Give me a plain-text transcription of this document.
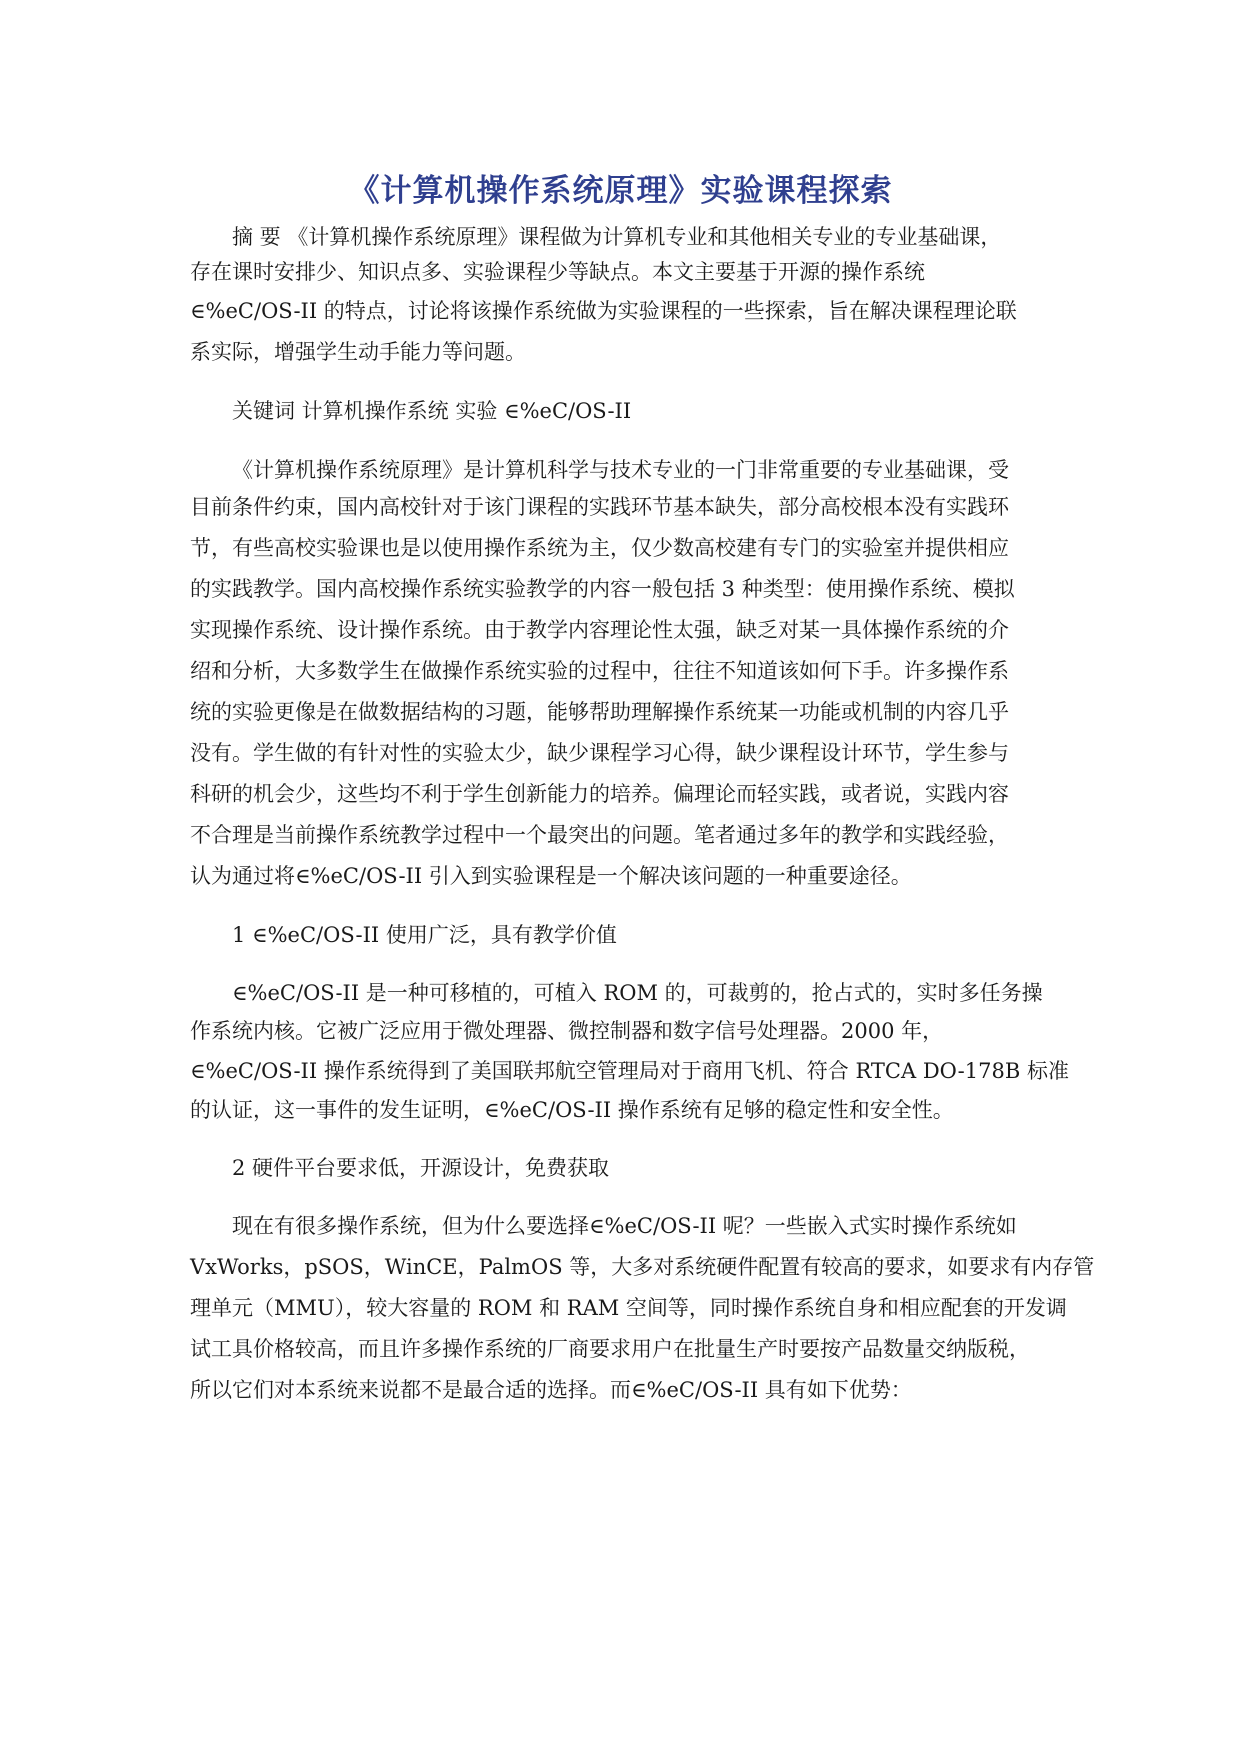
《计算机操作系统原理》实验课程探索
摘 要 《计算机操作系统原理》课程做为计算机专业和其他相关专业的专业基础课，
存在课时安排少、知识点多、实验课程少等缺点。本文主要基于开源的操作系统
∈%eC/OS-II 的特点，讨论将该操作系统做为实验课程的一些探索，旨在解决课程理论联
系实际，增强学生动手能力等问题。
关键词 计算机操作系统 实验 ∈%eC/OS-II
《计算机操作系统原理》是计算机科学与技术专业的一门非常重要的专业基础课，受
目前条件约束，国内高校针对于该门课程的实践环节基本缺失，部分高校根本没有实践环
节，有些高校实验课也是以使用操作系统为主，仅少数高校建有专门的实验室并提供相应
的实践教学。国内高校操作系统实验教学的内容一般包括 3 种类型：使用操作系统、模拟
实现操作系统、设计操作系统。由于教学内容理论性太强，缺乏对某一具体操作系统的介
绍和分析，大多数学生在做操作系统实验的过程中，往往不知道该如何下手。许多操作系
统的实验更像是在做数据结构的习题，能够帮助理解操作系统某一功能或机制的内容几乎
没有。学生做的有针对性的实验太少，缺少课程学习心得，缺少课程设计环节，学生参与
科研的机会少，这些均不利于学生创新能力的培养。偏理论而轻实践，或者说，实践内容
不合理是当前操作系统教学过程中一个最突出的问题。笔者通过多年的教学和实践经验，
认为通过将∈%eC/OS-II 引入到实验课程是一个解决该问题的一种重要途径。
1 ∈%eC/OS-II 使用广泛，具有教学价值
∈%eC/OS-II 是一种可移植的，可植入 ROM 的，可裁剪的，抢占式的，实时多任务操
作系统内核。它被广泛应用于微处理器、微控制器和数字信号处理器。2000 年，
∈%eC/OS-II 操作系统得到了美国联邦航空管理局对于商用飞机、符合 RTCA DO-178B 标准
的认证，这一事件的发生证明，∈%eC/OS-II 操作系统有足够的稳定性和安全性。
2 硬件平台要求低，开源设计，免费获取
现在有很多操作系统，但为什么要选择∈%eC/OS-II 呢？一些嵌入式实时操作系统如
VxWorks，pSOS，WinCE，PalmOS 等，大多对系统硬件配置有较高的要求，如要求有内存管
理单元（MMU），较大容量的 ROM 和 RAM 空间等，同时操作系统自身和相应配套的开发调
试工具价格较高，而且许多操作系统的厂商要求用户在批量生产时要按产品数量交纳版税，
所以它们对本系统来说都不是最合适的选择。而∈%eC/OS-II 具有如下优势：
